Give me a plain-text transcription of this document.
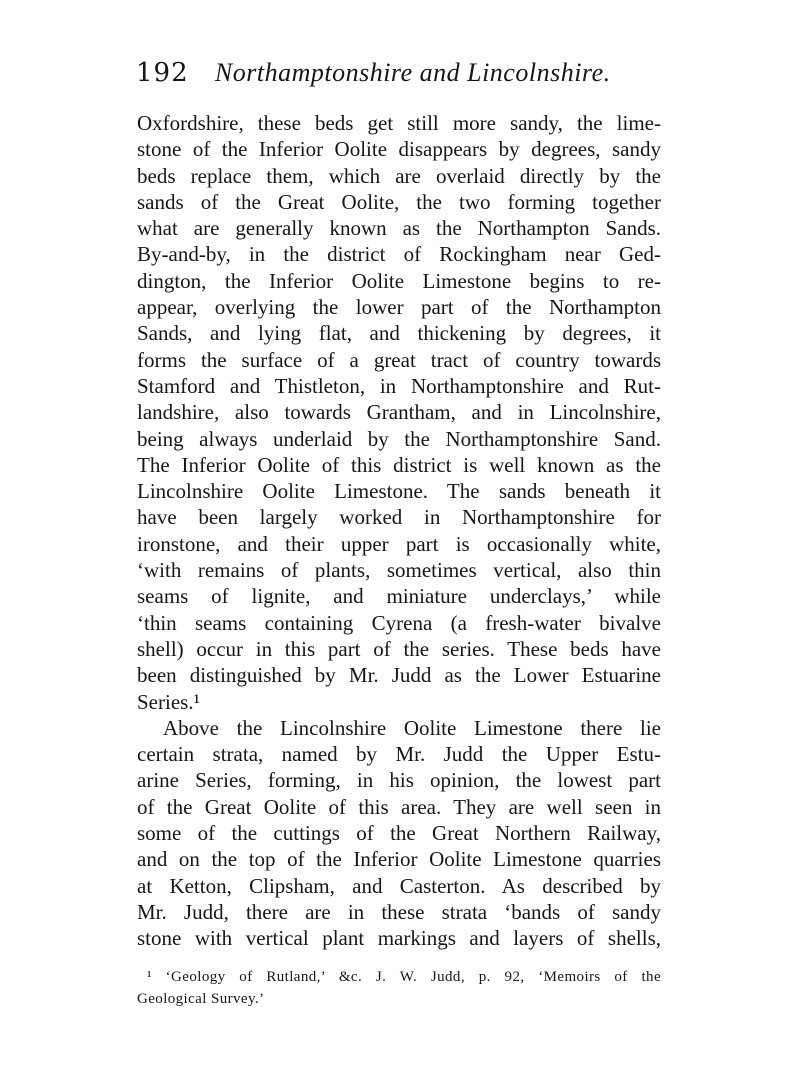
192 Northamptonshire and Lincolnshire.
Oxfordshire, these beds get still more sandy, the lime-
stone of the Inferior Oolite disappears by degrees, sandy
beds replace them, which are overlaid directly by the
sands of the Great Oolite, the two forming together
what are generally known as the Northampton Sands.
By-and-by, in the district of Rockingham near Ged-
dington, the Inferior Oolite Limestone begins to re-
appear, overlying the lower part of the Northampton
Sands, and lying flat, and thickening by degrees, it
forms the surface of a great tract of country towards
Stamford and Thistleton, in Northamptonshire and Rut-
landshire, also towards Grantham, and in Lincolnshire,
being always underlaid by the Northamptonshire Sand.
The Inferior Oolite of this district is well known as the
Lincolnshire Oolite Limestone. The sands beneath it
have been largely worked in Northamptonshire for
ironstone, and their upper part is occasionally white,
‘with remains of plants, sometimes vertical, also thin
seams of lignite, and miniature underclays,’ while
‘thin seams containing Cyrena (a fresh-water bivalve
shell) occur in this part of the series. These beds have
been distinguished by Mr. Judd as the Lower Estuarine
Series.¹
Above the Lincolnshire Oolite Limestone there lie
certain strata, named by Mr. Judd the Upper Estu-
arine Series, forming, in his opinion, the lowest part
of the Great Oolite of this area. They are well seen in
some of the cuttings of the Great Northern Railway,
and on the top of the Inferior Oolite Limestone quarries
at Ketton, Clipsham, and Casterton. As described by
Mr. Judd, there are in these strata ‘bands of sandy
stone with vertical plant markings and layers of shells,
¹ ‘Geology of Rutland,’ &c. J. W. Judd, p. 92, ‘Memoirs of the
Geological Survey.’
